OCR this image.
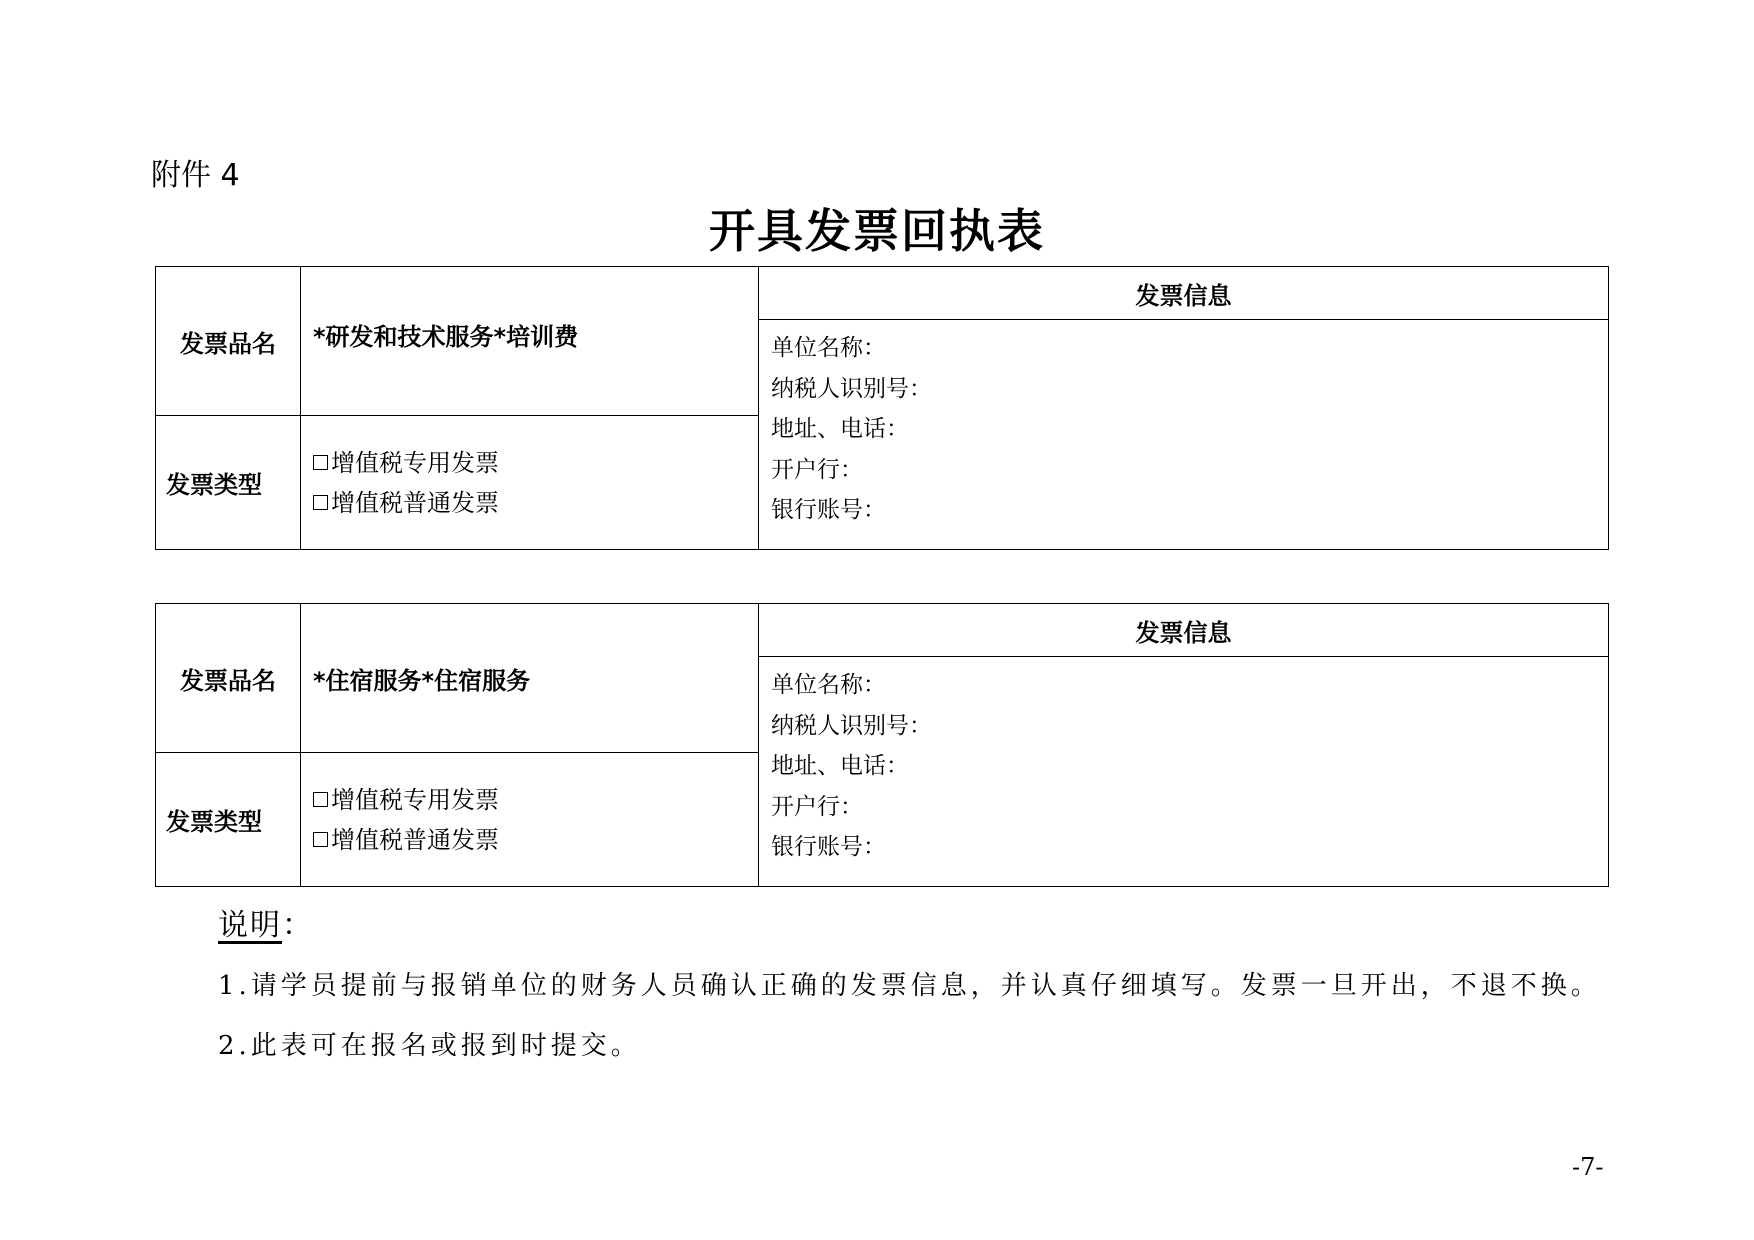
附件 4
开具发票回执表
发票品名	*研发和技术服务*培训费	发票信息

		单位名称：
纳税人识别号：
地址、电话：
开户行：
银行账号：

发票类型	增值税专用发票
增值税普通发票	
发票品名	*住宿服务*住宿服务	发票信息

		单位名称：
纳税人识别号：
地址、电话：
开户行：
银行账号：

发票类型	增值税专用发票
增值税普通发票	
说明：
1.请学员提前与报销单位的财务人员确认正确的发票信息，并认真仔细填写。发票一旦开出，不退不换。
2.此表可在报名或报到时提交。
-7-
